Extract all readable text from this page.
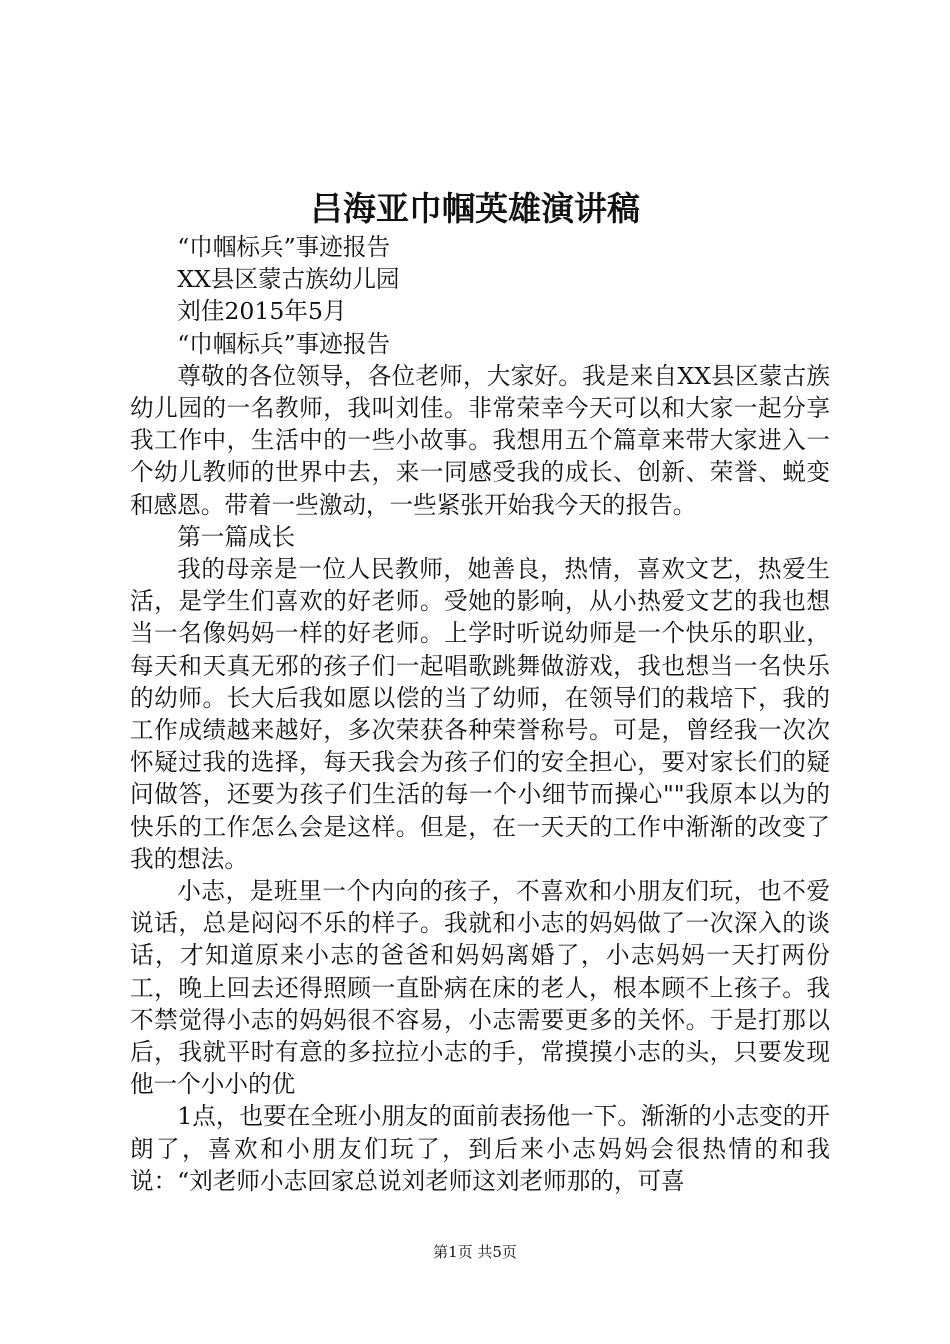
吕海亚巾帼英雄演讲稿

“巾帼标兵”事迹报告

XX县区蒙古族幼儿园

刘佳2015年5月

“巾帼标兵”事迹报告

尊敬的各位领导，各位老师，大家好。我是来自XX县区蒙古族幼儿园的一名教师，我叫刘佳。非常荣幸今天可以和大家一起分享我工作中，生活中的一些小故事。我想用五个篇章来带大家进入一个幼儿教师的世界中去，来一同感受我的成长、创新、荣誉、蜕变和感恩。带着一些激动，一些紧张开始我今天的报告。

第一篇成长

我的母亲是一位人民教师，她善良，热情，喜欢文艺，热爱生活，是学生们喜欢的好老师。受她的影响，从小热爱文艺的我也想当一名像妈妈一样的好老师。上学时听说幼师是一个快乐的职业，每天和天真无邪的孩子们一起唱歌跳舞做游戏，我也想当一名快乐的幼师。长大后我如愿以偿的当了幼师，在领导们的栽培下，我的工作成绩越来越好，多次荣获各种荣誉称号。可是，曾经我一次次怀疑过我的选择，每天我会为孩子们的安全担心，要对家长们的疑问做答，还要为孩子们生活的每一个小细节而操心""我原本以为的快乐的工作怎么会是这样。但是，在一天天的工作中渐渐的改变了我的想法。

小志，是班里一个内向的孩子，不喜欢和小朋友们玩，也不爱说话，总是闷闷不乐的样子。我就和小志的妈妈做了一次深入的谈话，才知道原来小志的爸爸和妈妈离婚了，小志妈妈一天打两份工，晚上回去还得照顾一直卧病在床的老人，根本顾不上孩子。我不禁觉得小志的妈妈很不容易，小志需要更多的关怀。于是打那以后，我就平时有意的多拉拉小志的手，常摸摸小志的头，只要发现他一个小小的优

1点，也要在全班小朋友的面前表扬他一下。渐渐的小志变的开朗了，喜欢和小朋友们玩了，到后来小志妈妈会很热情的和我说：“刘老师小志回家总说刘老师这刘老师那的，可喜

第1页 共5页
